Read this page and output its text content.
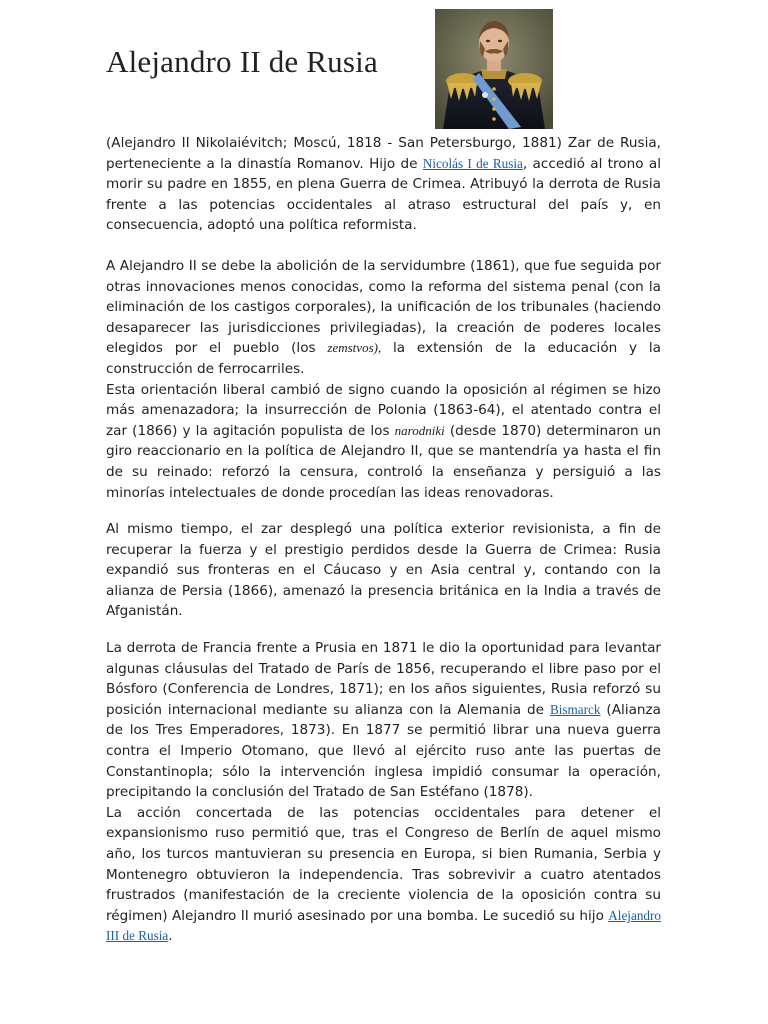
Alejandro II de Rusia

(Alejandro II Nikolaiévitch; Moscú, 1818 - San Petersburgo, 1881) Zar de Rusia, perteneciente a la dinastía Romanov. Hijo de Nicolás I de Rusia, accedió al trono al morir su padre en 1855, en plena Guerra de Crimea. Atribuyó la derrota de Rusia frente a las potencias occidentales al atraso estructural del país y, en consecuencia, adoptó una política reformista.

A Alejandro II se debe la abolición de la servidumbre (1861), que fue seguida por otras innovaciones menos conocidas, como la reforma del sistema penal (con la eliminación de los castigos corporales), la unificación de los tribunales (haciendo desaparecer las jurisdicciones privilegiadas), la creación de poderes locales elegidos por el pueblo (los zemstvos), la extensión de la educación y la construcción de ferrocarriles.

Esta orientación liberal cambió de signo cuando la oposición al régimen se hizo más amenazadora; la insurrección de Polonia (1863-64), el atentado contra el zar (1866) y la agitación populista de los narodniki (desde 1870) determinaron un giro reaccionario en la política de Alejandro II, que se mantendría ya hasta el fin de su reinado: reforzó la censura, controló la enseñanza y persiguió a las minorías intelectuales de donde procedían las ideas renovadoras.

Al mismo tiempo, el zar desplegó una política exterior revisionista, a fin de recuperar la fuerza y el prestigio perdidos desde la Guerra de Crimea: Rusia expandió sus fronteras en el Cáucaso y en Asia central y, contando con la alianza de Persia (1866), amenazó la presencia británica en la India a través de Afganistán.

La derrota de Francia frente a Prusia en 1871 le dio la oportunidad para levantar algunas cláusulas del Tratado de París de 1856, recuperando el libre paso por el Bósforo (Conferencia de Londres, 1871); en los años siguientes, Rusia reforzó su posición internacional mediante su alianza con la Alemania de Bismarck (Alianza de los Tres Emperadores, 1873). En 1877 se permitió librar una nueva guerra contra el Imperio Otomano, que llevó al ejército ruso ante las puertas de Constantinopla; sólo la intervención inglesa impidió consumar la operación, precipitando la conclusión del Tratado de San Estéfano (1878).

La acción concertada de las potencias occidentales para detener el expansionismo ruso permitió que, tras el Congreso de Berlín de aquel mismo año, los turcos mantuvieran su presencia en Europa, si bien Rumania, Serbia y Montenegro obtuvieron la independencia. Tras sobrevivir a cuatro atentados frustrados (manifestación de la creciente violencia de la oposición contra su régimen) Alejandro II murió asesinado por una bomba. Le sucedió su hijo Alejandro III de Rusia.
